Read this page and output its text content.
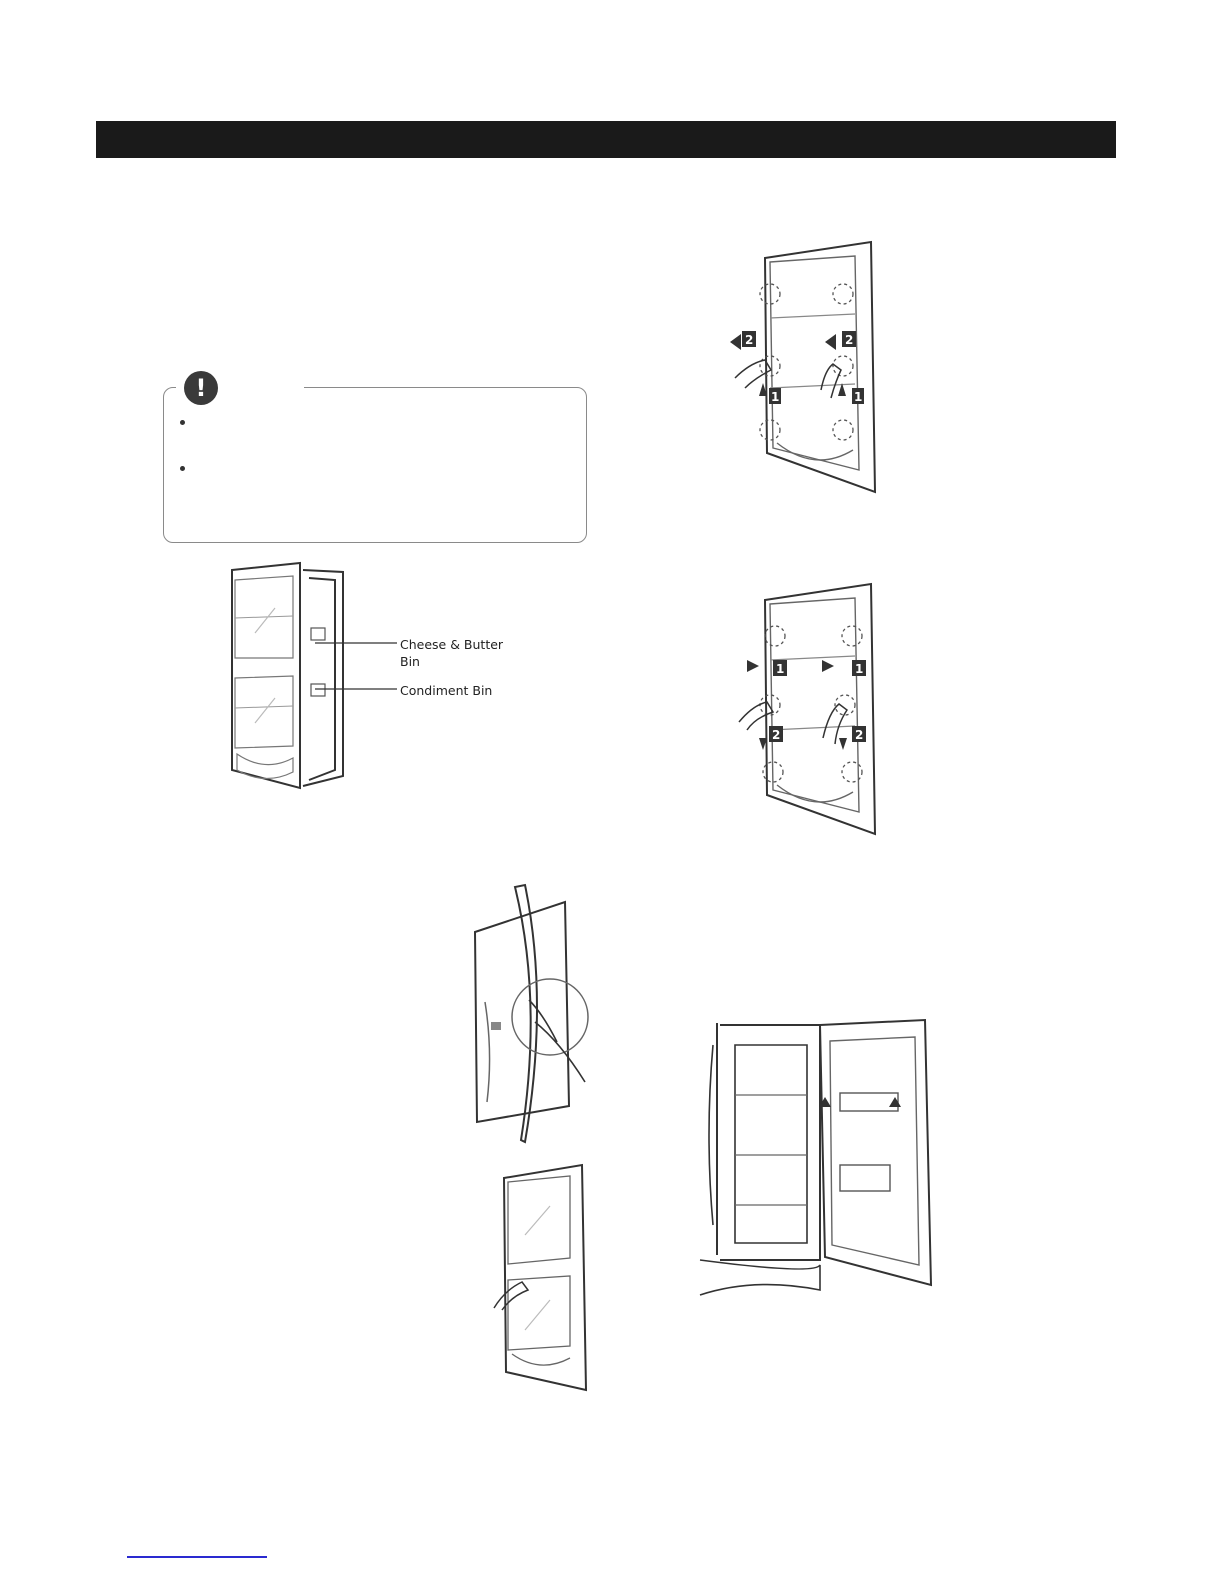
!
Cheese & Butter
Bin
Condiment Bin
2	2
1	1
1	1
2	2
